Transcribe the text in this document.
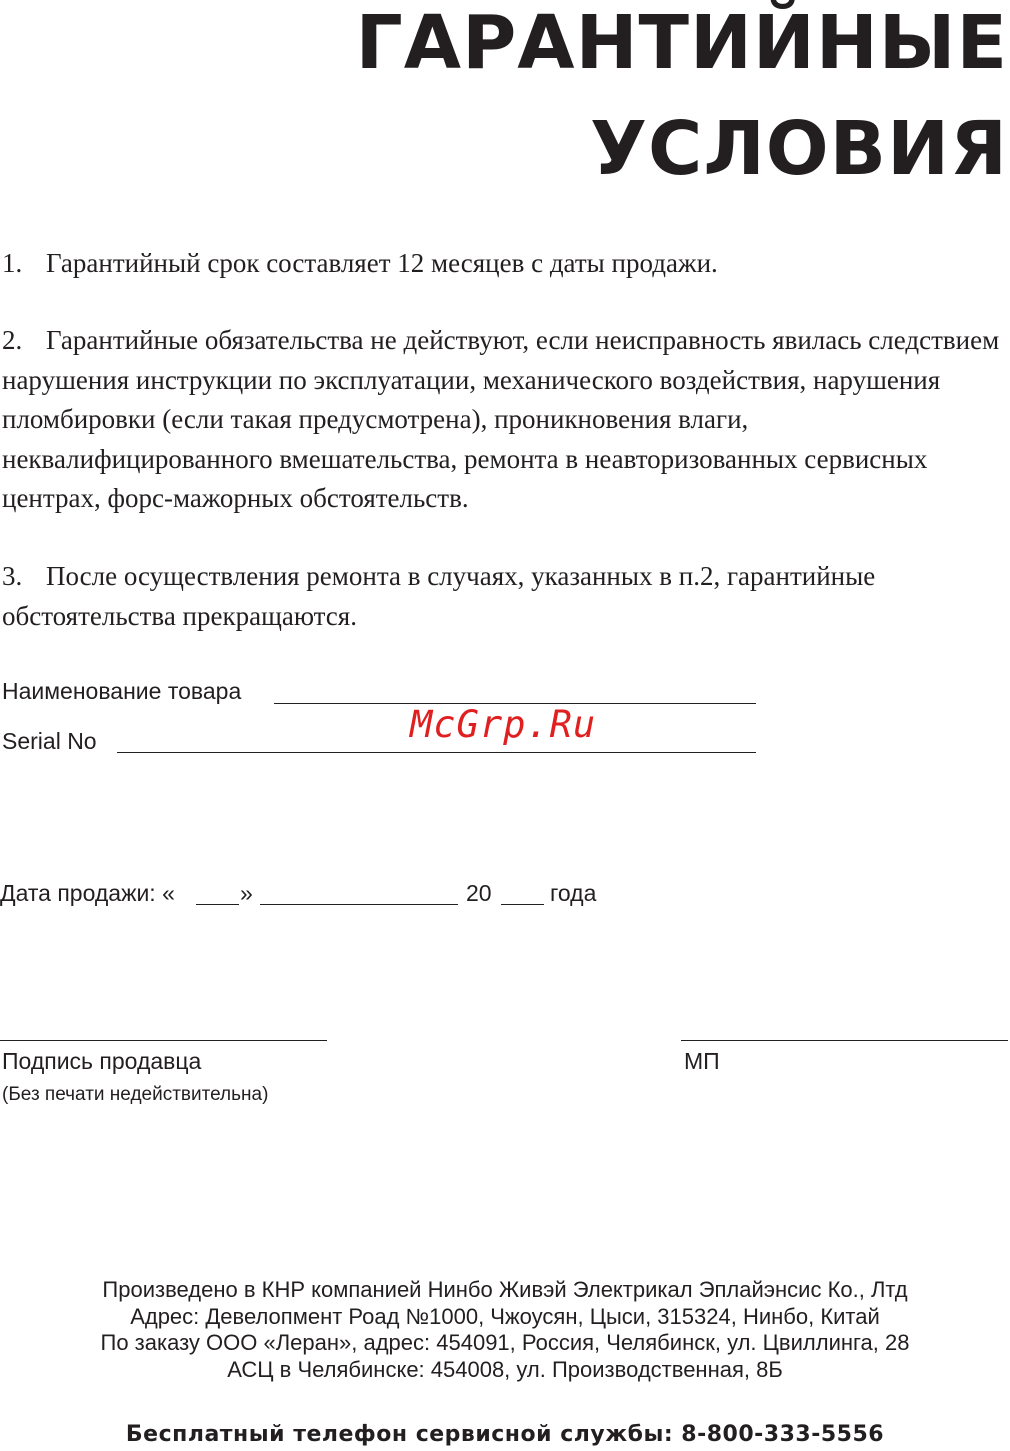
ГАРАНТИЙНЫЕ
УСЛОВИЯ
1. Гарантийный срок составляет 12 месяцев с даты продажи.
2. Гарантийные обязательства не действуют, если неисправность явилась следствием нарушения инструкции по эксплуатации, механического воздействия, нарушения пломбировки (если такая предусмотрена), проникновения влаги, неквалифицированного вмешательства, ремонта в неавторизованных сервисных центрах, форс-мажорных обстоятельств.
3. После осуществления ремонта в случаях, указанных в п.2, гарантийные обстоятельства прекращаются.
Наименование товара
Serial No	McGrp.Ru
Дата продажи: «	»	20	года
Подпись продавца
(Без печати недействительна)
МП
Произведено в КНР компанией Нинбо Живэй Электрикал Эплайэнсис Ко., Лтд
Адрес: Девелопмент Роад №1000, Чжоусян, Цыси, 315324, Нинбо, Китай
По заказу ООО «Леран», адрес: 454091, Россия, Челябинск, ул. Цвиллинга, 28
АСЦ в Челябинске: 454008, ул. Производственная, 8Б
Бесплатный телефон сервисной службы: 8-800-333-5556
